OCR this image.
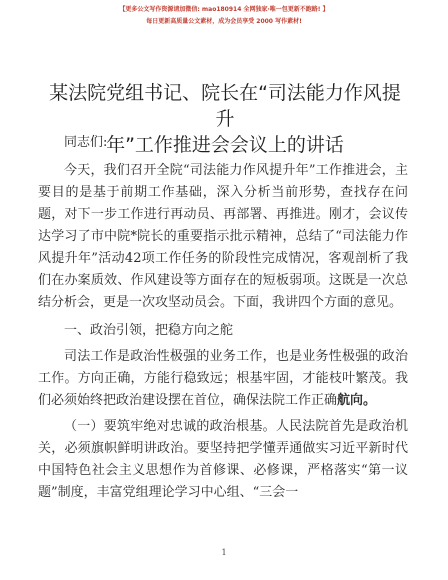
【更多公文写作资源请加微信: mao180914 全网独家·唯一包更新不跑路! 】
每日更新高质量公文素材，成为会员享受 2000 写作素材!
某法院党组书记、院长在“司法能力作风提升
年”工作推进会会议上的讲话

同志们:

今天，我们召开全院“司法能力作风提升年”工作推进会，主要目的是基于前期工作基础，深入分析当前形势，查找存在问题，对下一步工作进行再动员、再部署、再推进。刚才，会议传达学习了市中院*院长的重要指示批示精神，总结了“司法能力作风提升年”活动42项工作任务的阶段性完成情况，客观剖析了我们在办案质效、作风建设等方面存在的短板弱项。这既是一次总结分析会，更是一次攻坚动员会。下面，我讲四个方面的意见。

一、政治引领，把稳方向之舵

司法工作是政治性极强的业务工作，也是业务性极强的政治工作。方向正确，方能行稳致远；根基牢固，才能枝叶繁茂。我们必须始终把政治建设摆在首位，确保法院工作正确航向。

（一）要筑牢绝对忠诚的政治根基。人民法院首先是政治机关，必须旗帜鲜明讲政治。要坚持把学懂弄通做实习近平新时代中国特色社会主义思想作为首修课、必修课，严格落实“第一议题”制度，丰富党组理论学习中心组、“三会一

1
